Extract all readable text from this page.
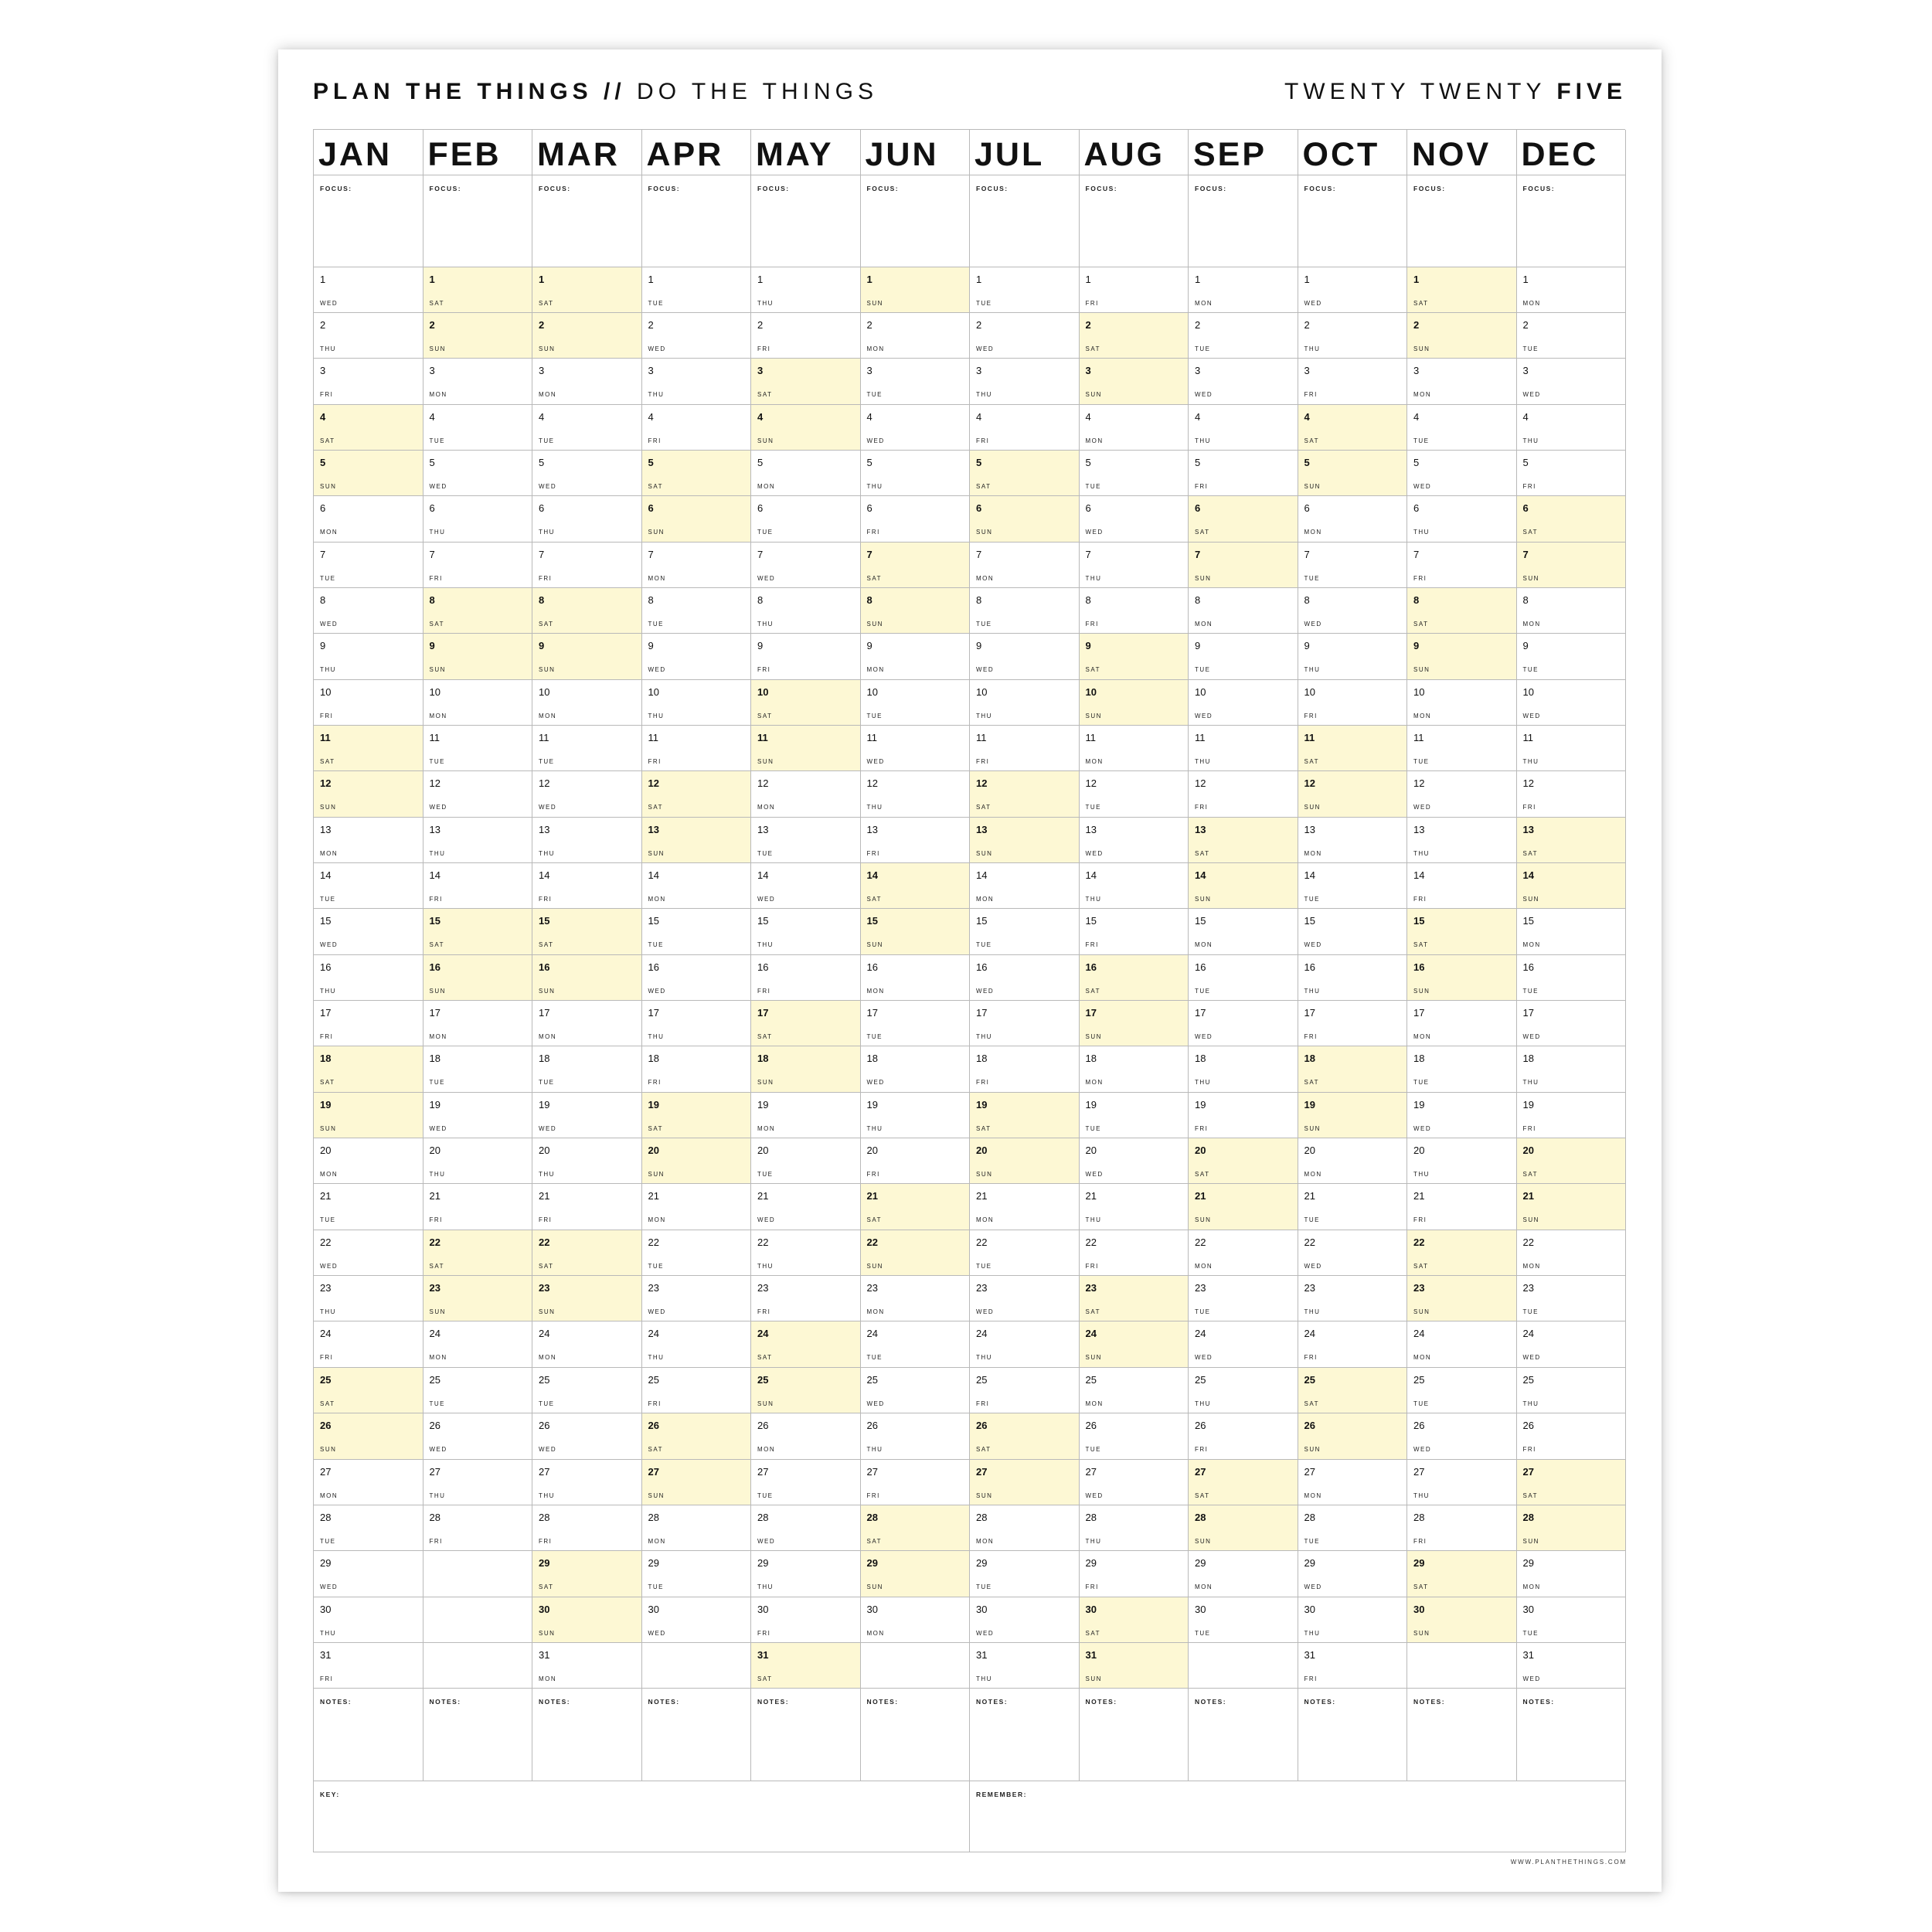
PLAN THE THINGS // DO THE THINGS	TWENTY TWENTY FIVE
JAN
FOCUS:
1
WED
2
THU
3
FRI
4
SAT
5
SUN
6
MON
7
TUE
8
WED
9
THU
10
FRI
11
SAT
12
SUN
13
MON
14
TUE
15
WED
16
THU
17
FRI
18
SAT
19
SUN
20
MON
21
TUE
22
WED
23
THU
24
FRI
25
SAT
26
SUN
27
MON
28
TUE
29
WED
30
THU
31
FRI
NOTES:
FEB
FOCUS:
1
SAT
2
SUN
3
MON
4
TUE
5
WED
6
THU
7
FRI
8
SAT
9
SUN
10
MON
11
TUE
12
WED
13
THU
14
FRI
15
SAT
16
SUN
17
MON
18
TUE
19
WED
20
THU
21
FRI
22
SAT
23
SUN
24
MON
25
TUE
26
WED
27
THU
28
FRI
NOTES:
MAR
FOCUS:
1
SAT
2
SUN
3
MON
4
TUE
5
WED
6
THU
7
FRI
8
SAT
9
SUN
10
MON
11
TUE
12
WED
13
THU
14
FRI
15
SAT
16
SUN
17
MON
18
TUE
19
WED
20
THU
21
FRI
22
SAT
23
SUN
24
MON
25
TUE
26
WED
27
THU
28
FRI
29
SAT
30
SUN
31
MON
NOTES:
APR
FOCUS:
1
TUE
2
WED
3
THU
4
FRI
5
SAT
6
SUN
7
MON
8
TUE
9
WED
10
THU
11
FRI
12
SAT
13
SUN
14
MON
15
TUE
16
WED
17
THU
18
FRI
19
SAT
20
SUN
21
MON
22
TUE
23
WED
24
THU
25
FRI
26
SAT
27
SUN
28
MON
29
TUE
30
WED
NOTES:
MAY
FOCUS:
1
THU
2
FRI
3
SAT
4
SUN
5
MON
6
TUE
7
WED
8
THU
9
FRI
10
SAT
11
SUN
12
MON
13
TUE
14
WED
15
THU
16
FRI
17
SAT
18
SUN
19
MON
20
TUE
21
WED
22
THU
23
FRI
24
SAT
25
SUN
26
MON
27
TUE
28
WED
29
THU
30
FRI
31
SAT
NOTES:
JUN
FOCUS:
1
SUN
2
MON
3
TUE
4
WED
5
THU
6
FRI
7
SAT
8
SUN
9
MON
10
TUE
11
WED
12
THU
13
FRI
14
SAT
15
SUN
16
MON
17
TUE
18
WED
19
THU
20
FRI
21
SAT
22
SUN
23
MON
24
TUE
25
WED
26
THU
27
FRI
28
SAT
29
SUN
30
MON
NOTES:
JUL
FOCUS:
1
TUE
2
WED
3
THU
4
FRI
5
SAT
6
SUN
7
MON
8
TUE
9
WED
10
THU
11
FRI
12
SAT
13
SUN
14
MON
15
TUE
16
WED
17
THU
18
FRI
19
SAT
20
SUN
21
MON
22
TUE
23
WED
24
THU
25
FRI
26
SAT
27
SUN
28
MON
29
TUE
30
WED
31
THU
NOTES:
AUG
FOCUS:
1
FRI
2
SAT
3
SUN
4
MON
5
TUE
6
WED
7
THU
8
FRI
9
SAT
10
SUN
11
MON
12
TUE
13
WED
14
THU
15
FRI
16
SAT
17
SUN
18
MON
19
TUE
20
WED
21
THU
22
FRI
23
SAT
24
SUN
25
MON
26
TUE
27
WED
28
THU
29
FRI
30
SAT
31
SUN
NOTES:
SEP
FOCUS:
1
MON
2
TUE
3
WED
4
THU
5
FRI
6
SAT
7
SUN
8
MON
9
TUE
10
WED
11
THU
12
FRI
13
SAT
14
SUN
15
MON
16
TUE
17
WED
18
THU
19
FRI
20
SAT
21
SUN
22
MON
23
TUE
24
WED
25
THU
26
FRI
27
SAT
28
SUN
29
MON
30
TUE
NOTES:
OCT
FOCUS:
1
WED
2
THU
3
FRI
4
SAT
5
SUN
6
MON
7
TUE
8
WED
9
THU
10
FRI
11
SAT
12
SUN
13
MON
14
TUE
15
WED
16
THU
17
FRI
18
SAT
19
SUN
20
MON
21
TUE
22
WED
23
THU
24
FRI
25
SAT
26
SUN
27
MON
28
TUE
29
WED
30
THU
31
FRI
NOTES:
NOV
FOCUS:
1
SAT
2
SUN
3
MON
4
TUE
5
WED
6
THU
7
FRI
8
SAT
9
SUN
10
MON
11
TUE
12
WED
13
THU
14
FRI
15
SAT
16
SUN
17
MON
18
TUE
19
WED
20
THU
21
FRI
22
SAT
23
SUN
24
MON
25
TUE
26
WED
27
THU
28
FRI
29
SAT
30
SUN
NOTES:
DEC
FOCUS:
1
MON
2
TUE
3
WED
4
THU
5
FRI
6
SAT
7
SUN
8
MON
9
TUE
10
WED
11
THU
12
FRI
13
SAT
14
SUN
15
MON
16
TUE
17
WED
18
THU
19
FRI
20
SAT
21
SUN
22
MON
23
TUE
24
WED
25
THU
26
FRI
27
SAT
28
SUN
29
MON
30
TUE
31
WED
NOTES:
KEY:	REMEMBER:
WWW.PLANTHETHINGS.COM
